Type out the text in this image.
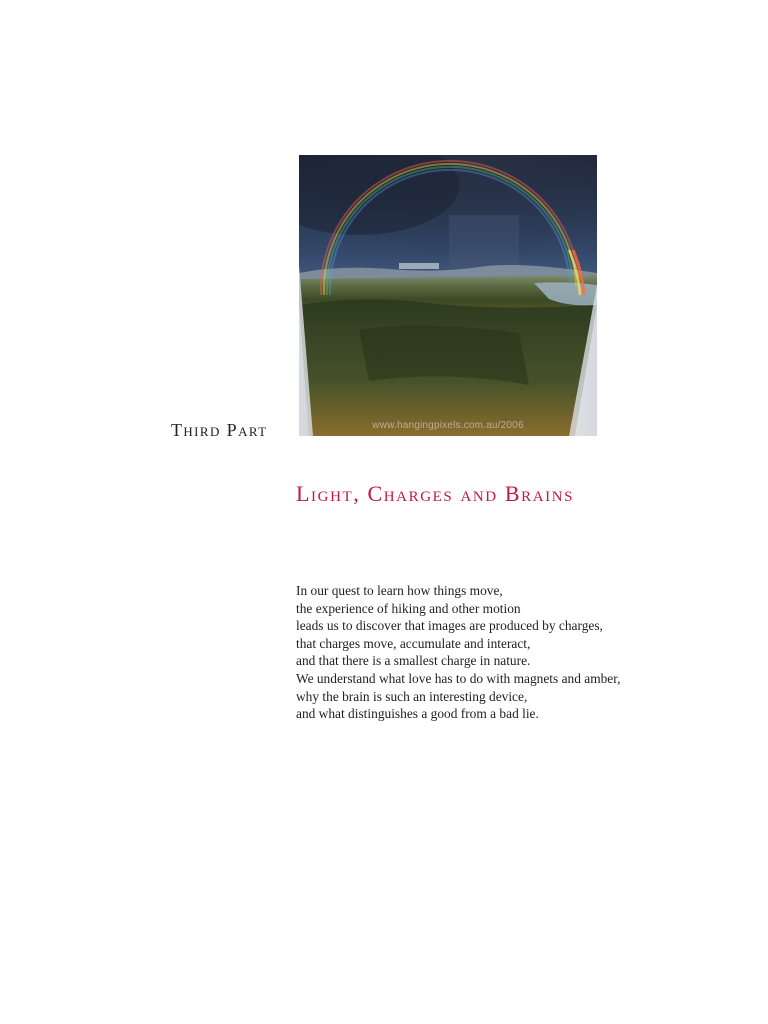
Third Part	www.hangingpixels.com.au/2006
Light, Charges and Brains
In our quest to learn how things move,
the experience of hiking and other motion
leads us to discover that images are produced by charges,
that charges move, accumulate and interact,
and that there is a smallest charge in nature.
We understand what love has to do with magnets and amber,
why the brain is such an interesting device,
and what distinguishes a good from a bad lie.
